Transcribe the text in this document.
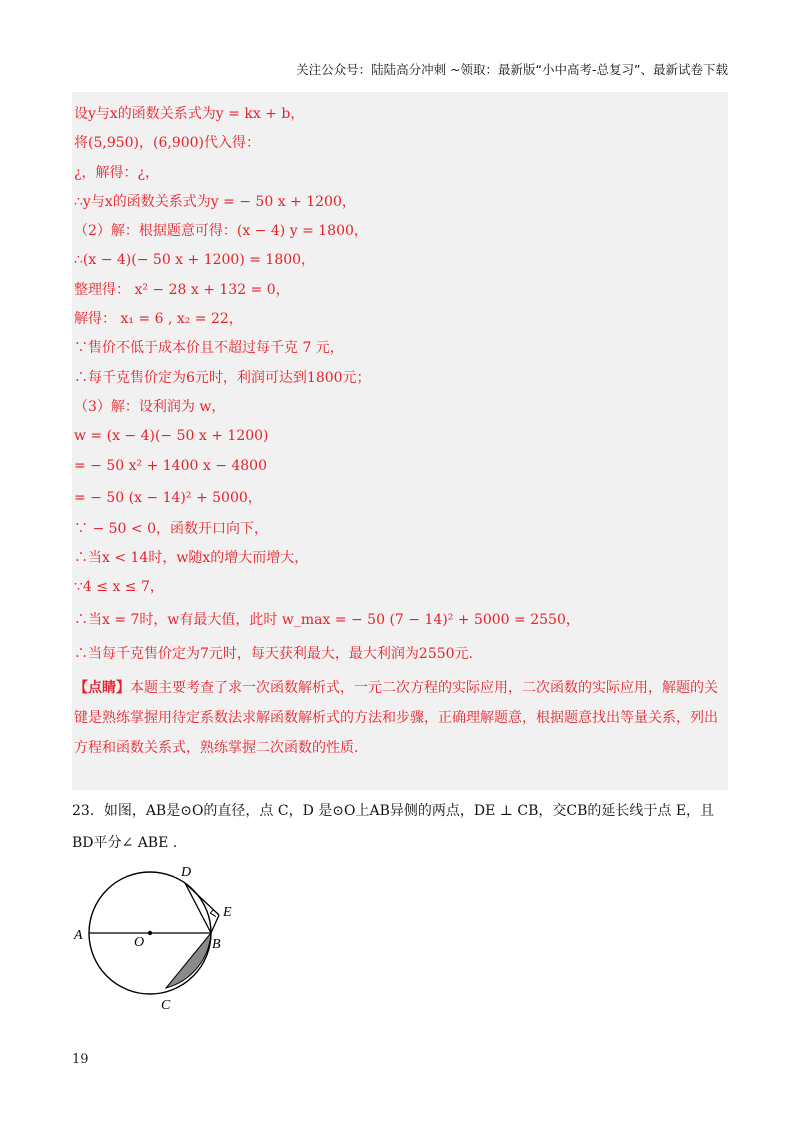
关注公众号：陆陆高分冲刺 ~领取：最新版“小中高考-总复习”、最新试卷下载
设y与x的函数关系式为y = kx + b，
将(5,950)，(6,900)代入得：
¿，解得：¿，
∴y与x的函数关系式为y = − 50 x + 1200，
（2）解：根据题意可得：(x − 4) y = 1800，
∴(x − 4)(− 50 x + 1200) = 1800，
整理得： x² − 28 x + 132 = 0，
解得： x₁ = 6 , x₂ = 22，
∵售价不低于成本价且不超过每千克 7 元，
∴每千克售价定为6元时，利润可达到1800元；
（3）解：设利润为 w，
w = (x − 4)(− 50 x + 1200)
= − 50 x² + 1400 x − 4800
= − 50 (x − 14)² + 5000，
∵ − 50 < 0，函数开口向下，
∴当x < 14时，w随x的增大而增大，
∵4 ≤ x ≤ 7，
∴当x = 7时，w有最大值，此时 w_max = − 50 (7 − 14)² + 5000 = 2550，
∴当每千克售价定为7元时，每天获利最大，最大利润为2550元.
【点睛】本题主要考查了求一次函数解析式，一元二次方程的实际应用，二次函数的实际应用，解题的关键是熟练掌握用待定系数法求解函数解析式的方法和步骤，正确理解题意，根据题意找出等量关系，列出方程和函数关系式，熟练掌握二次函数的性质.
23．如图，AB是⊙O的直径，点 C，D 是⊙O上AB异侧的两点，DE ⊥ CB，交CB的延长线于点 E，且 BD平分∠ ABE .
A	O	B
C
D
E
19
